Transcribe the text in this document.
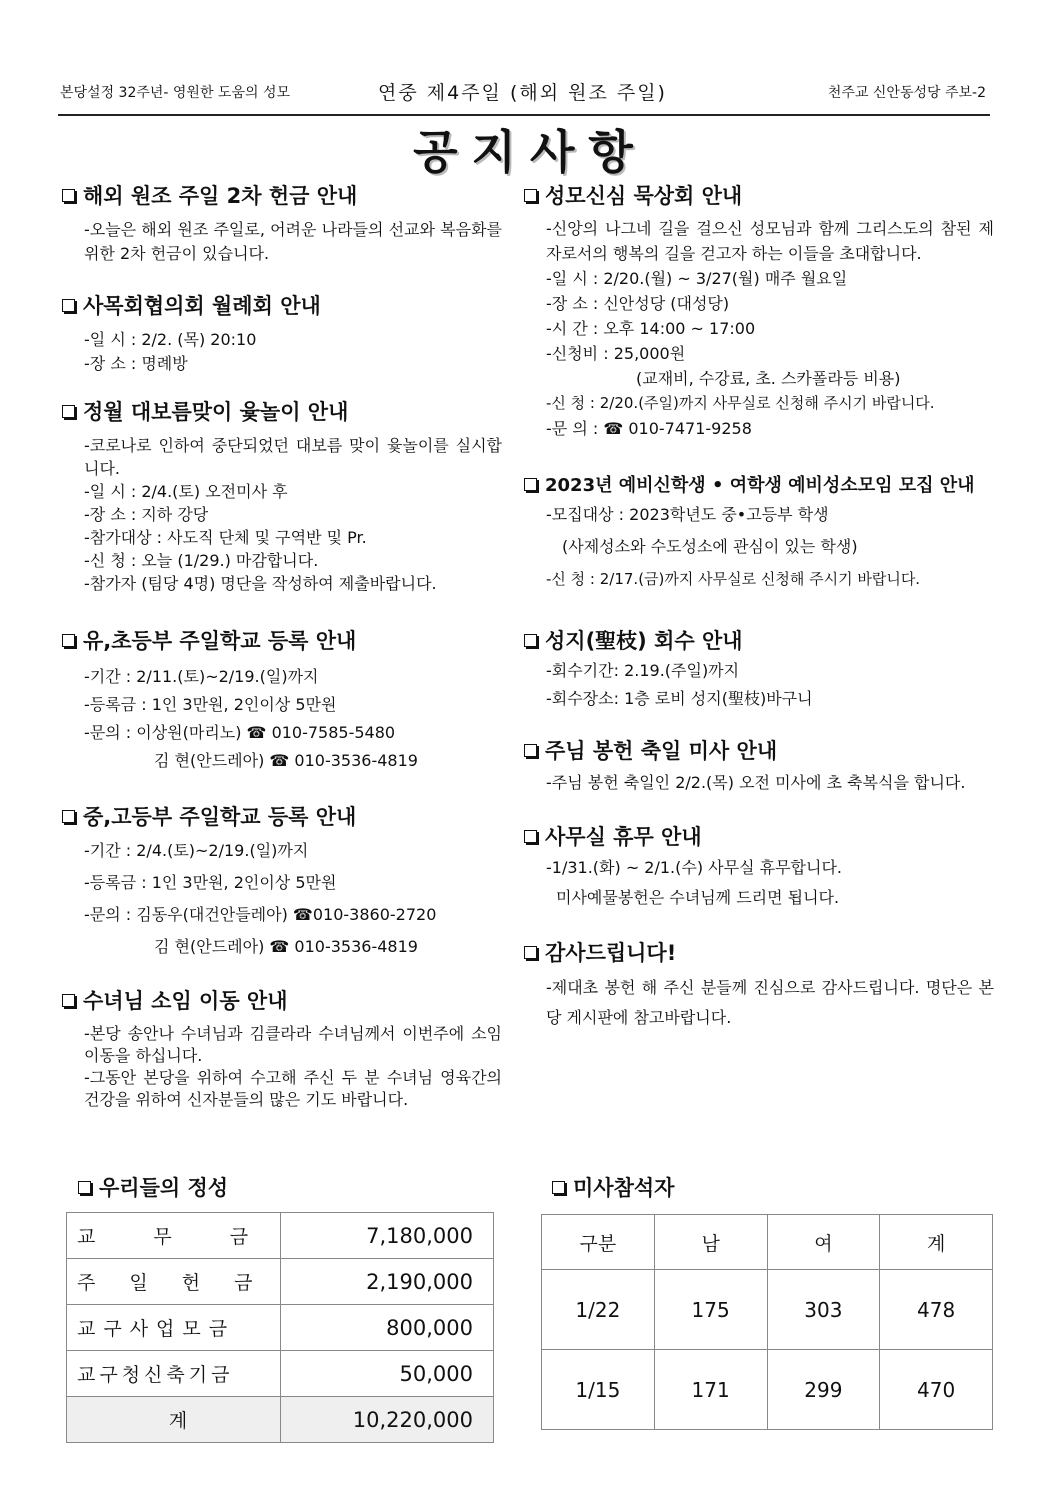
본당설정 32주년- 영원한 도움의 성모	연중 제4주일 (해외 원조 주일)	천주교 신안동성당 주보-2
공지사항
해외 원조 주일 2차 헌금 안내

-오늘은 해외 원조 주일로, 어려운 나라들의 선교와 복음화를 위한 2차 헌금이 있습니다.

사목회협의회 월례회 안내

-일 시 : 2/2. (목) 20:10

-장 소 : 명례방

정월 대보름맞이 윷놀이 안내

-코로나로 인하여 중단되었던 대보름 맞이 윷놀이를 실시합니다.

-일 시 : 2/4.(토) 오전미사 후

-장 소 : 지하 강당

-참가대상 : 사도직 단체 및 구역반 및 Pr.

-신 청 : 오늘 (1/29.) 마감합니다.

-참가자 (팀당 4명) 명단을 작성하여 제출바랍니다.

유,초등부 주일학교 등록 안내

-기간 : 2/11.(토)~2/19.(일)까지

-등록금 : 1인 3만원, 2인이상 5만원

-문의 : 이상원(마리노) ☎ 010-7585-5480

김 현(안드레아) ☎ 010-3536-4819

중,고등부 주일학교 등록 안내

-기간 : 2/4.(토)~2/19.(일)까지

-등록금 : 1인 3만원, 2인이상 5만원

-문의 : 김동우(대건안들레아) ☎010-3860-2720

김 현(안드레아) ☎ 010-3536-4819

수녀님 소임 이동 안내

-본당 송안나 수녀님과 김클라라 수녀님께서 이번주에 소임 이동을 하십니다.

-그동안 본당을 위하여 수고해 주신 두 분 수녀님 영육간의 건강을 위하여 신자분들의 많은 기도 바랍니다.

성모신심 묵상회 안내

-신앙의 나그네 길을 걸으신 성모님과 함께 그리스도의 참된 제자로서의 행복의 길을 걷고자 하는 이들을 초대합니다.

-일 시 : 2/20.(월) ~ 3/27(월) 매주 월요일

-장 소 : 신안성당 (대성당)

-시 간 : 오후 14:00 ~ 17:00

-신청비 : 25,000원

(교재비, 수강료, 초. 스카폴라등 비용)

-신 청 : 2/20.(주일)까지 사무실로 신청해 주시기 바랍니다.

-문 의 : ☎ 010-7471-9258

2023년 예비신학생 • 여학생 예비성소모임 모집 안내

-모집대상 : 2023학년도 중•고등부 학생

(사제성소와 수도성소에 관심이 있는 학생)

-신 청 : 2/17.(금)까지 사무실로 신청해 주시기 바랍니다.

성지(聖枝) 회수 안내

-회수기간: 2.19.(주일)까지

-회수장소: 1층 로비 성지(聖枝)바구니

주님 봉헌 축일 미사 안내

-주님 봉헌 축일인 2/2.(목) 오전 미사에 초 축복식을 합니다.

사무실 휴무 안내

-1/31.(화) ~ 2/1.(수) 사무실 휴무합니다.

미사예물봉헌은 수녀님께 드리면 됩니다.

감사드립니다!

-제대초 봉헌 해 주신 분들께 진심으로 감사드립니다. 명단은 본당 게시판에 참고바랍니다.

우리들의 정성	미사참석자
교 무 금	7,180,000
주 일 헌 금	2,190,000
교구사업모금	800,000
교구청신축기금	50,000
계	10,220,000
구분	남	여	계
1/22	175	303	478
1/15	171	299	470
